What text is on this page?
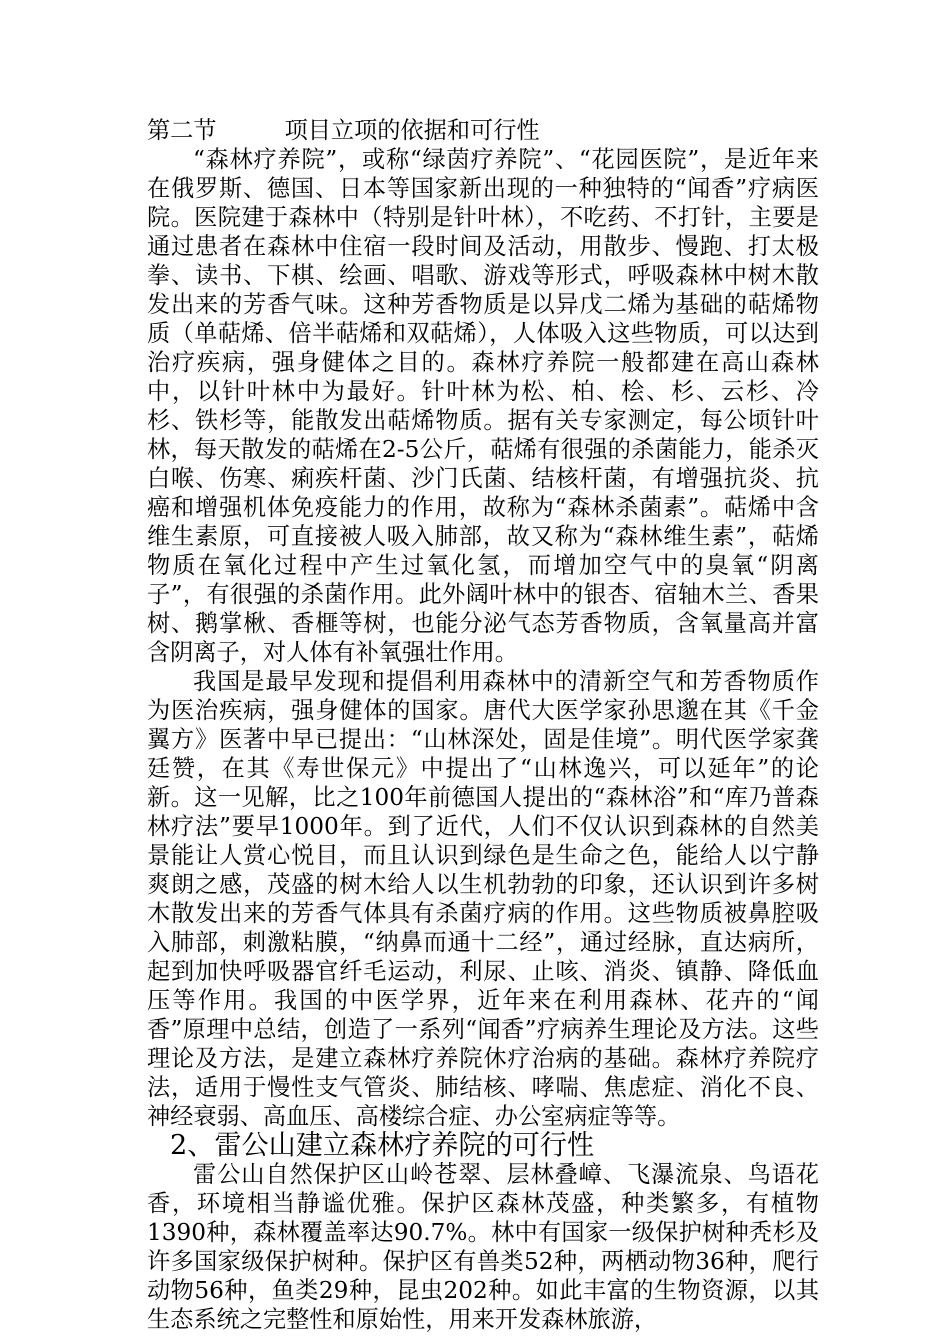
第二节	项目立项的依据和可行性

“森林疗养院”，或称“绿茵疗养院”、“花园医院”，是近年来在俄罗斯、德国、日本等国家新出现的一种独特的“闻香”疗病医院。医院建于森林中（特别是针叶林），不吃药、不打针，主要是通过患者在森林中住宿一段时间及活动，用散步、慢跑、打太极拳、读书、下棋、绘画、唱歌、游戏等形式，呼吸森林中树木散发出来的芳香气味。这种芳香物质是以异戊二烯为基础的萜烯物质（单萜烯、倍半萜烯和双萜烯），人体吸入这些物质，可以达到治疗疾病，强身健体之目的。森林疗养院一般都建在高山森林中，以针叶林中为最好。针叶林为松、柏、桧、杉、云杉、冷杉、铁杉等，能散发出萜烯物质。据有关专家测定，每公顷针叶林，每天散发的萜烯在2-5公斤，萜烯有很强的杀菌能力，能杀灭白喉、伤寒、痢疾杆菌、沙门氏菌、结核杆菌，有增强抗炎、抗癌和增强机体免疫能力的作用，故称为“森林杀菌素”。萜烯中含维生素原，可直接被人吸入肺部，故又称为“森林维生素”，萜烯物质在氧化过程中产生过氧化氢，而增加空气中的臭氧“阴离子”，有很强的杀菌作用。此外阔叶林中的银杏、宿轴木兰、香果树、鹅掌楸、香榧等树，也能分泌气态芳香物质，含氧量高并富含阴离子，对人体有补氧强壮作用。

我国是最早发现和提倡利用森林中的清新空气和芳香物质作为医治疾病，强身健体的国家。唐代大医学家孙思邈在其《千金翼方》医著中早已提出：“山林深处，固是佳境”。明代医学家龚廷赞，在其《寿世保元》中提出了“山林逸兴，可以延年”的论新。这一见解，比之100年前德国人提出的“森林浴”和“库乃普森林疗法”要早1000年。到了近代，人们不仅认识到森林的自然美景能让人赏心悦目，而且认识到绿色是生命之色，能给人以宁静爽朗之感，茂盛的树木给人以生机勃勃的印象，还认识到许多树木散发出来的芳香气体具有杀菌疗病的作用。这些物质被鼻腔吸入肺部，刺激粘膜，“纳鼻而通十二经”，通过经脉，直达病所，起到加快呼吸器官纤毛运动，利尿、止咳、消炎、镇静、降低血压等作用。我国的中医学界，近年来在利用森林、花卉的“闻香”原理中总结，创造了一系列“闻香”疗病养生理论及方法。这些理论及方法，是建立森林疗养院休疗治病的基础。森林疗养院疗法，适用于慢性支气管炎、肺结核、哮喘、焦虑症、消化不良、神经衰弱、高血压、高楼综合症、办公室病症等等。

2、雷公山建立森林疗养院的可行性

雷公山自然保护区山岭苍翠、层林叠嶂、飞瀑流泉、鸟语花香，环境相当静谧优雅。保护区森林茂盛，种类繁多，有植物1390种，森林覆盖率达90.7%。林中有国家一级保护树种秃杉及许多国家级保护树种。保护区有兽类52种，两栖动物36种，爬行动物56种，鱼类29种，昆虫202种。如此丰富的生物资源，以其生态系统之完整性和原始性，用来开发森林旅游，
